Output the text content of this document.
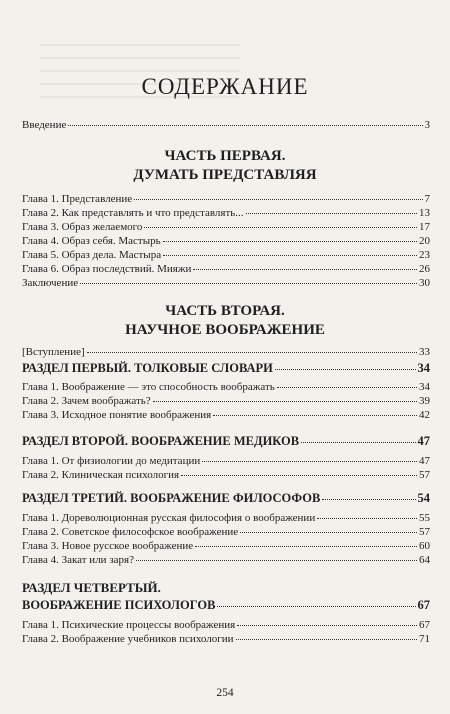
СОДЕРЖАНИЕ
Введение	3
ЧАСТЬ ПЕРВАЯ.
ДУМАТЬ ПРЕДСТАВЛЯЯ
Глава 1. Представление	7
Глава 2. Как представлять и что представлять...	13
Глава 3. Образ желаемого	17
Глава 4. Образ себя. Мастырь	20
Глава 5. Образ дела. Мастыра	23
Глава 6. Образ последствий. Мияжи	26
Заключение	30
ЧАСТЬ ВТОРАЯ.
НАУЧНОЕ ВООБРАЖЕНИЕ
[Вступление]	33
РАЗДЕЛ ПЕРВЫЙ. ТОЛКОВЫЕ СЛОВАРИ	34
Глава 1. Воображение — это способность воображать	34
Глава 2. Зачем воображать?	39
Глава 3. Исходное понятие воображения	42
РАЗДЕЛ ВТОРОЙ. ВООБРАЖЕНИЕ МЕДИКОВ	47
Глава 1. От физиологии до медитации	47
Глава 2. Клиническая психология	57
РАЗДЕЛ ТРЕТИЙ. ВООБРАЖЕНИЕ ФИЛОСОФОВ	54
Глава 1. Дореволюционная русская философия о воображении	55
Глава 2. Советское философское воображение	57
Глава 3. Новое русское воображение	60
Глава 4. Закат или заря?	64
РАЗДЕЛ ЧЕТВЕРТЫЙ.
ВООБРАЖЕНИЕ ПСИХОЛОГОВ	67
Глава 1. Психические процессы воображения	67
Глава 2. Воображение учебников психологии	71
254
